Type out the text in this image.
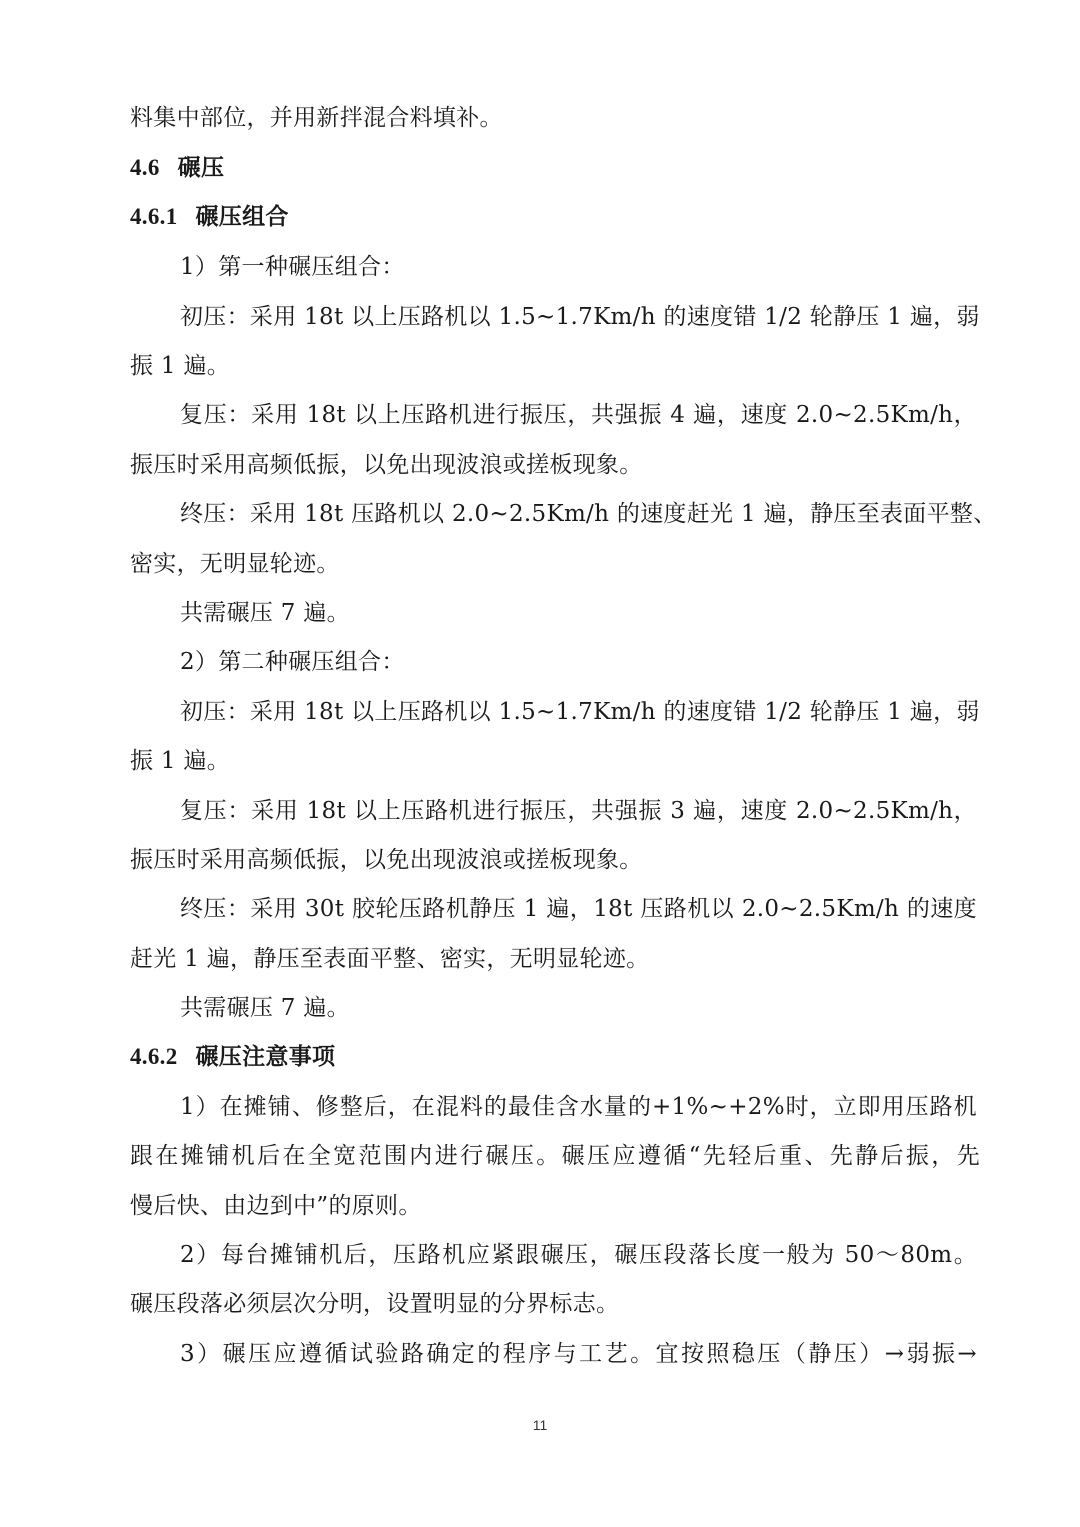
料集中部位，并用新拌混合料填补。
4.6 碾压
4.6.1 碾压组合
1）第一种碾压组合：
初压：采用 18t 以上压路机以 1.5~1.7Km/h 的速度错 1/2 轮静压 1 遍，弱
振 1 遍。
复压：采用 18t 以上压路机进行振压，共强振 4 遍，速度 2.0~2.5Km/h，
振压时采用高频低振，以免出现波浪或搓板现象。
终压：采用 18t 压路机以 2.0~2.5Km/h 的速度赶光 1 遍，静压至表面平整、
密实，无明显轮迹。
共需碾压 7 遍。
2）第二种碾压组合：
初压：采用 18t 以上压路机以 1.5~1.7Km/h 的速度错 1/2 轮静压 1 遍，弱
振 1 遍。
复压：采用 18t 以上压路机进行振压，共强振 3 遍，速度 2.0~2.5Km/h，
振压时采用高频低振，以免出现波浪或搓板现象。
终压：采用 30t 胶轮压路机静压 1 遍，18t 压路机以 2.0~2.5Km/h 的速度
赶光 1 遍，静压至表面平整、密实，无明显轮迹。
共需碾压 7 遍。
4.6.2 碾压注意事项
1）在摊铺、修整后，在混料的最佳含水量的+1%~+2%时，立即用压路机
跟在摊铺机后在全宽范围内进行碾压。碾压应遵循“先轻后重、先静后振，先
慢后快、由边到中”的原则。
2）每台摊铺机后，压路机应紧跟碾压，碾压段落长度一般为 50～80m。
碾压段落必须层次分明，设置明显的分界标志。
3）碾压应遵循试验路确定的程序与工艺。宜按照稳压（静压）→弱振→
11
